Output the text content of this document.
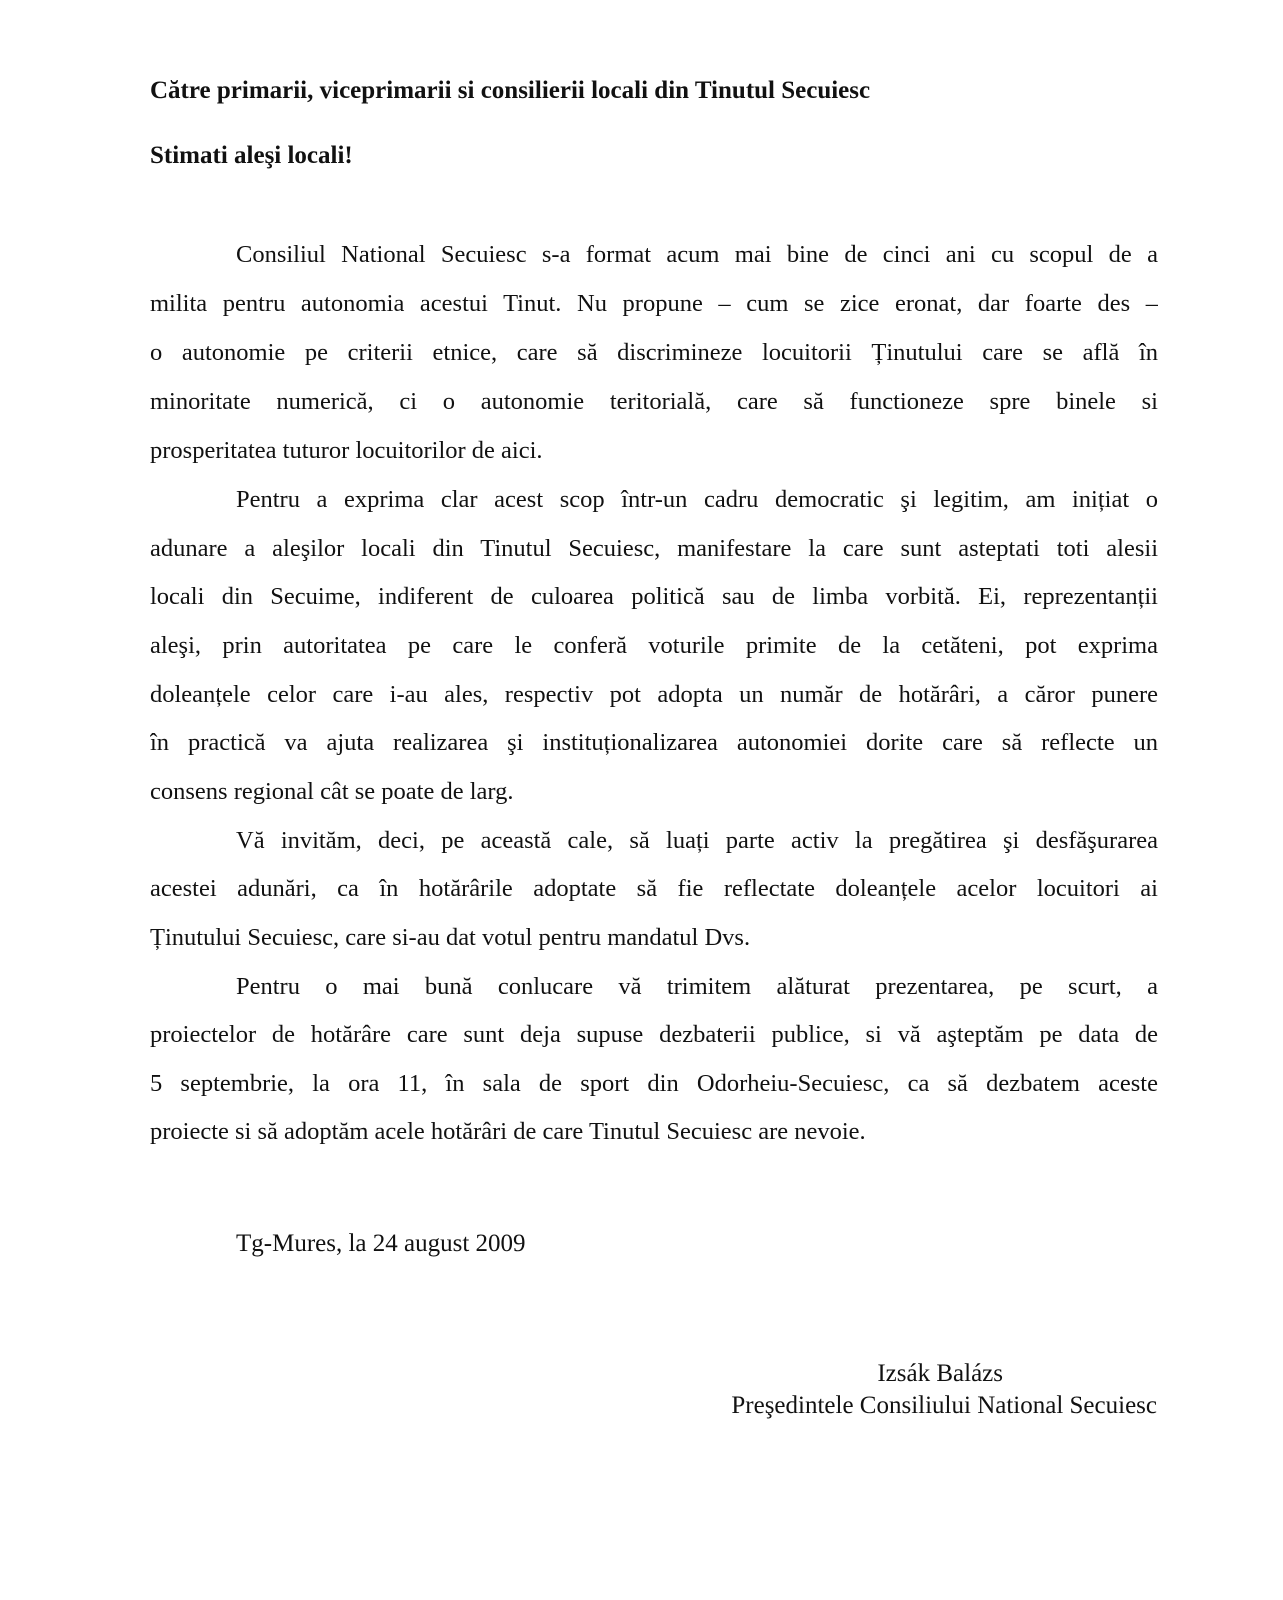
Către primarii, viceprimarii si consilierii locali din Tinutul Secuiesc
Stimati aleşi locali!
Consiliul National Secuiesc s-a format acum mai bine de cinci ani cu scopul de a
milita pentru autonomia acestui Tinut. Nu propune – cum se zice eronat, dar foarte des –
o autonomie pe criterii etnice, care să discrimineze locuitorii Ținutului care se află în
minoritate numerică, ci o autonomie teritorială, care să functioneze spre binele si
prosperitatea tuturor locuitorilor de aici.
Pentru a exprima clar acest scop într-un cadru democratic şi legitim, am inițiat o
adunare a aleşilor locali din Tinutul Secuiesc, manifestare la care sunt asteptati toti alesii
locali din Secuime, indiferent de culoarea politică sau de limba vorbită. Ei, reprezentanții
aleşi, prin autoritatea pe care le conferă voturile primite de la cetăteni, pot exprima
doleanțele celor care i-au ales, respectiv pot adopta un număr de hotărâri, a căror punere
în practică va ajuta realizarea şi instituționalizarea autonomiei dorite care să reflecte un
consens regional cât se poate de larg.
Vă invităm, deci, pe această cale, să luați parte activ la pregătirea şi desfăşurarea
acestei adunări, ca în hotărârile adoptate să fie reflectate doleanțele acelor locuitori ai
Ținutului Secuiesc, care si-au dat votul pentru mandatul Dvs.
Pentru o mai bună conlucare vă trimitem alăturat prezentarea, pe scurt, a
proiectelor de hotărâre care sunt deja supuse dezbaterii publice, si vă aşteptăm pe data de
5 septembrie, la ora 11, în sala de sport din Odorheiu-Secuiesc, ca să dezbatem aceste
proiecte si să adoptăm acele hotărâri de care Tinutul Secuiesc are nevoie.
Tg-Mures, la 24 august 2009
Izsák Balázs
Preşedintele Consiliului National Secuiesc
